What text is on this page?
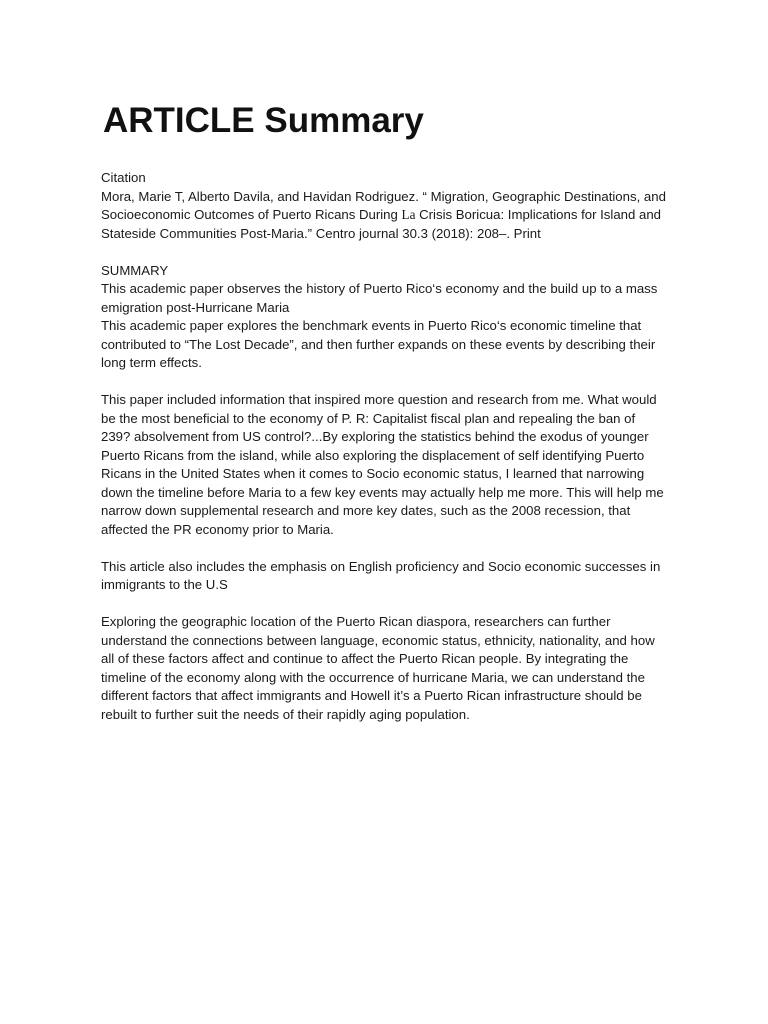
ARTICLE Summary
Citation
Mora, Marie T, Alberto Davila, and Havidan Rodriguez. “ Migration, Geographic Destinations, and
Socioeconomic Outcomes of Puerto Ricans During La Crisis Boricua: Implications for Island and
Stateside Communities Post-Maria.” Centro journal 30.3 (2018): 208–. Print
SUMMARY
This academic paper observes the history of Puerto Rico‘s economy and the build up to a mass
emigration post-Hurricane Maria
This academic paper explores the benchmark events in Puerto Rico‘s economic timeline that
contributed to “The Lost Decade”, and then further expands on these events by describing their
long term effects.
This paper included information that inspired more question and research from me. What would
be the most beneficial to the economy of P. R: Capitalist fiscal plan and repealing the ban of
239? absolvement from US control?...By exploring the statistics behind the exodus of younger
Puerto Ricans from the island, while also exploring the displacement of self identifying Puerto
Ricans in the United States when it comes to Socio economic status, I learned that narrowing
down the timeline before Maria to a few key events may actually help me more. This will help me
narrow down supplemental research and more key dates, such as the 2008 recession, that
affected the PR economy prior to Maria.
This article also includes the emphasis on English proficiency and Socio economic successes in
immigrants to the U.S
Exploring the geographic location of the Puerto Rican diaspora, researchers can further
understand the connections between language, economic status, ethnicity, nationality, and how
all of these factors affect and continue to affect the Puerto Rican people. By integrating the
timeline of the economy along with the occurrence of hurricane Maria, we can understand the
different factors that affect immigrants and Howell it’s a Puerto Rican infrastructure should be
rebuilt to further suit the needs of their rapidly aging population.
